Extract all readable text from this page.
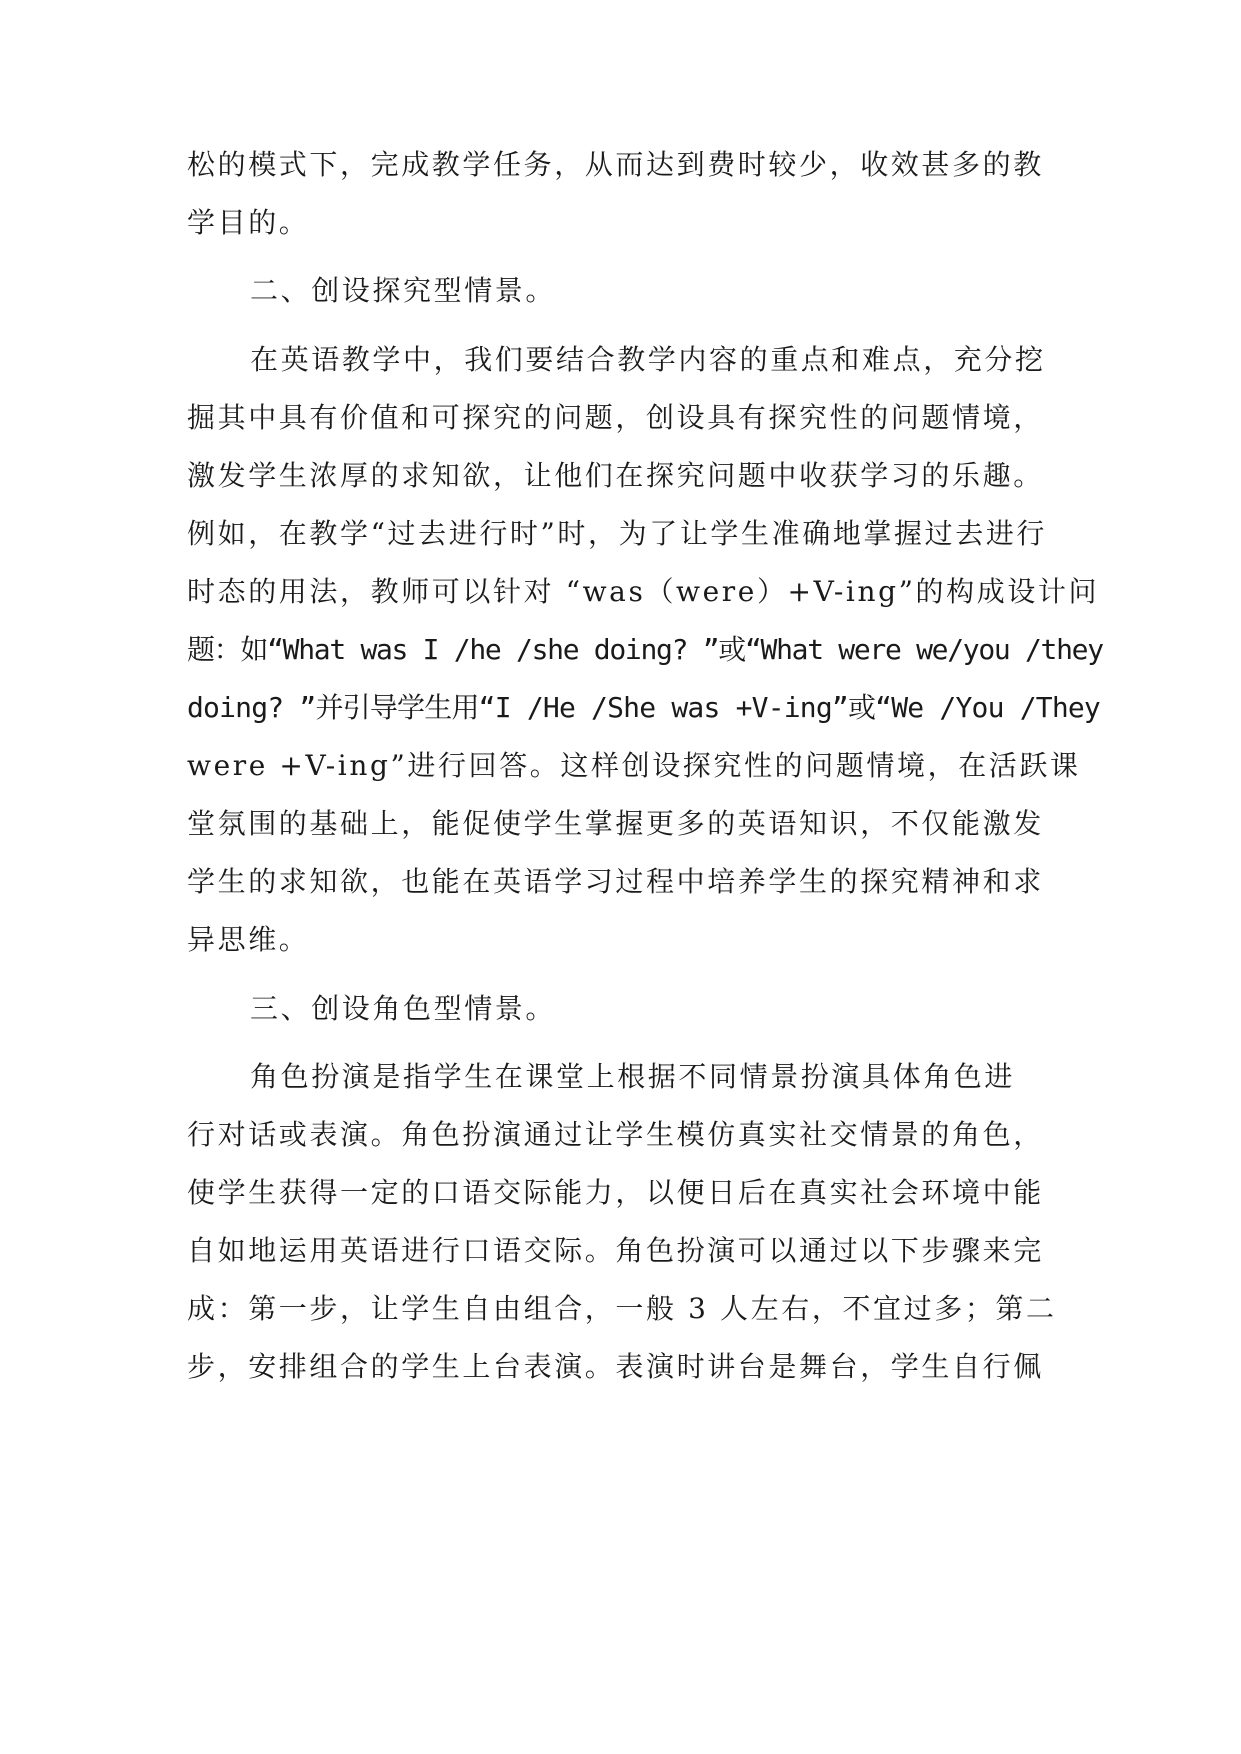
松的模式下，完成教学任务，从而达到费时较少，收效甚多的教
学目的。
二、创设探究型情景。
在英语教学中，我们要结合教学内容的重点和难点，充分挖
掘其中具有价值和可探究的问题，创设具有探究性的问题情境，
激发学生浓厚的求知欲，让他们在探究问题中收获学习的乐趣。
例如，在教学“过去进行时”时，为了让学生准确地掌握过去进行
时态的用法，教师可以针对 “was（were）+V-ing”的构成设计问
题：如“What was I /he /she doing? ”或“What were we/you /they
doing? ”并引导学生用“I /He /She was +V-ing”或“We /You /They
were +V-ing”进行回答。这样创设探究性的问题情境，在活跃课
堂氛围的基础上，能促使学生掌握更多的英语知识，不仅能激发
学生的求知欲，也能在英语学习过程中培养学生的探究精神和求
异思维。
三、创设角色型情景。
角色扮演是指学生在课堂上根据不同情景扮演具体角色进
行对话或表演。角色扮演通过让学生模仿真实社交情景的角色，
使学生获得一定的口语交际能力，以便日后在真实社会环境中能
自如地运用英语进行口语交际。角色扮演可以通过以下步骤来完
成：第一步，让学生自由组合，一般 3 人左右，不宜过多；第二
步，安排组合的学生上台表演。表演时讲台是舞台，学生自行佩
